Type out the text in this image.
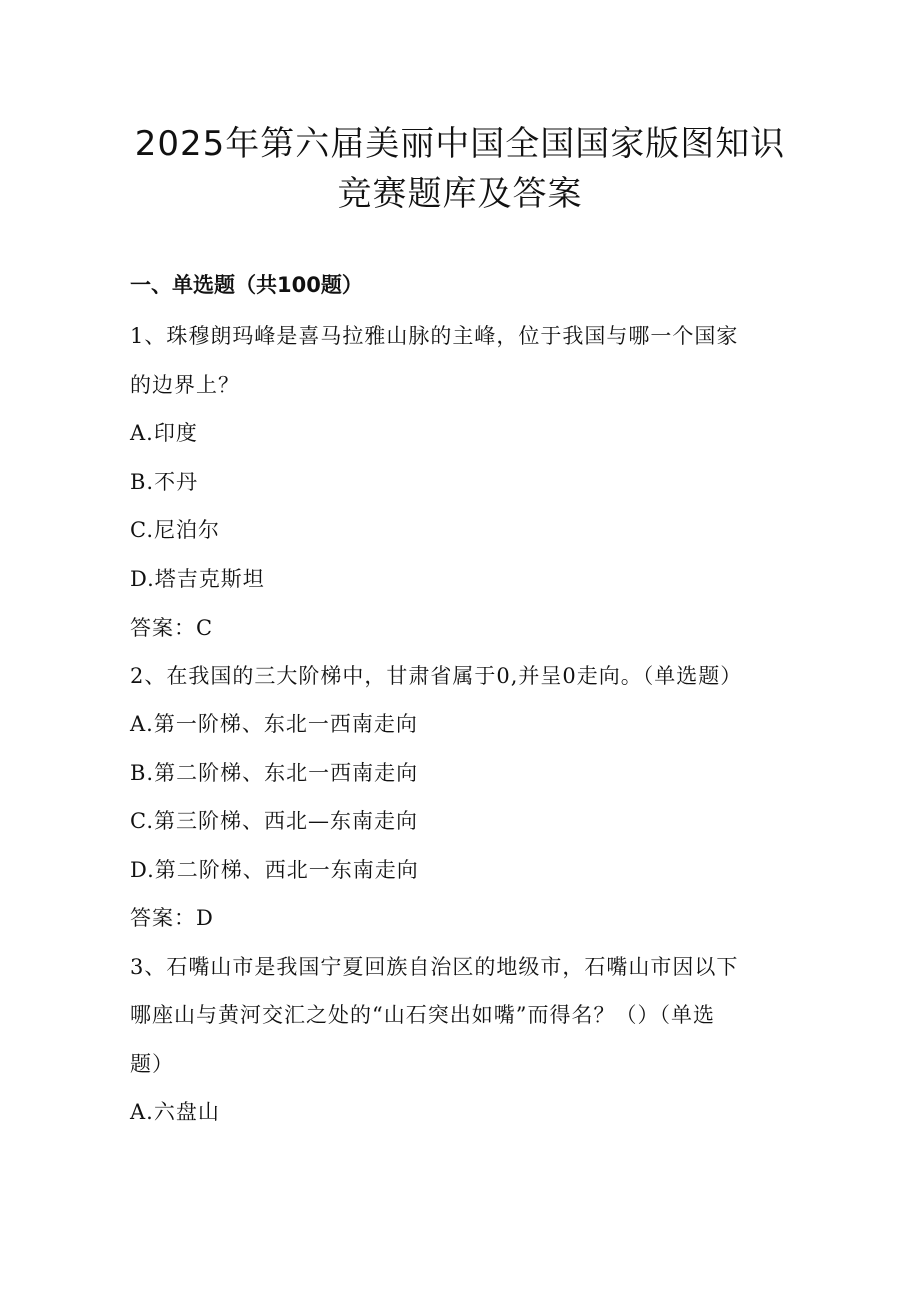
2025年第六届美丽中国全国国家版图知识
竞赛题库及答案
一、单选题（共100题）
1、珠穆朗玛峰是喜马拉雅山脉的主峰，位于我国与哪一个国家
的边界上？
A.印度
B.不丹
C.尼泊尔
D.塔吉克斯坦
答案：C
2、在我国的三大阶梯中，甘肃省属于0,并呈0走向。（单选题）
A.第一阶梯、东北一西南走向
B.第二阶梯、东北一西南走向
C.第三阶梯、西北—东南走向
D.第二阶梯、西北一东南走向
答案：D
3、石嘴山市是我国宁夏回族自治区的地级市，石嘴山市因以下
哪座山与黄河交汇之处的“山石突出如嘴”而得名？（）（单选
题）
A.六盘山
